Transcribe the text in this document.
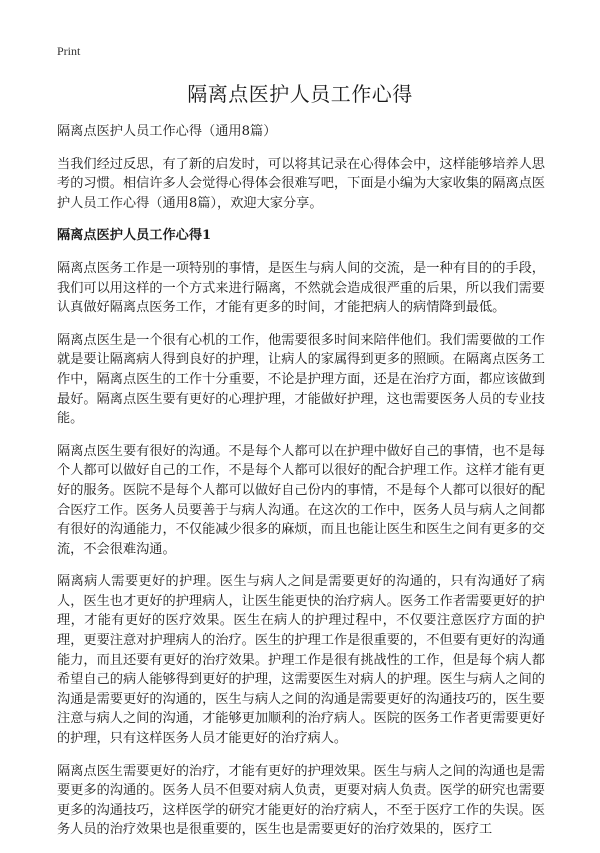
Print
隔离点医护人员工作心得

隔离点医护人员工作心得（通用8篇）

当我们经过反思，有了新的启发时，可以将其记录在心得体会中，这样能够培养人思考的习惯。相信许多人会觉得心得体会很难写吧，下面是小编为大家收集的隔离点医护人员工作心得（通用8篇），欢迎大家分享。

隔离点医护人员工作心得1

隔离点医务工作是一项特别的事情，是医生与病人间的交流，是一种有目的的手段，我们可以用这样的一个方式来进行隔离，不然就会造成很严重的后果，所以我们需要认真做好隔离点医务工作，才能有更多的时间，才能把病人的病情降到最低。

隔离点医生是一个很有心机的工作，他需要很多时间来陪伴他们。我们需要做的工作就是要让隔离病人得到良好的护理，让病人的家属得到更多的照顾。在隔离点医务工作中，隔离点医生的工作十分重要，不论是护理方面，还是在治疗方面，都应该做到最好。隔离点医生要有更好的心理护理，才能做好护理，这也需要医务人员的专业技能。

隔离点医生要有很好的沟通。不是每个人都可以在护理中做好自己的事情，也不是每个人都可以做好自己的工作，不是每个人都可以很好的配合护理工作。这样才能有更好的服务。医院不是每个人都可以做好自己份内的事情，不是每个人都可以很好的配合医疗工作。医务人员要善于与病人沟通。在这次的工作中，医务人员与病人之间都有很好的沟通能力，不仅能减少很多的麻烦，而且也能让医生和医生之间有更多的交流，不会很难沟通。

隔离病人需要更好的护理。医生与病人之间是需要更好的沟通的，只有沟通好了病人，医生也才更好的护理病人，让医生能更快的治疗病人。医务工作者需要更好的护理，才能有更好的医疗效果。医生在病人的护理过程中，不仅要注意医疗方面的护理，更要注意对护理病人的治疗。医生的护理工作是很重要的，不但要有更好的沟通能力，而且还要有更好的治疗效果。护理工作是很有挑战性的工作，但是每个病人都希望自己的病人能够得到更好的护理，这需要医生对病人的护理。医生与病人之间的沟通是需要更好的沟通的，医生与病人之间的沟通是需要更好的沟通技巧的，医生要注意与病人之间的沟通，才能够更加顺利的治疗病人。医院的医务工作者更需要更好的护理，只有这样医务人员才能更好的治疗病人。

隔离点医生需要更好的治疗，才能有更好的护理效果。医生与病人之间的沟通也是需要更多的沟通的。医务人员不但要对病人负责，更要对病人负责。医学的研究也需要更多的沟通技巧，这样医学的研究才能更好的治疗病人，不至于医疗工作的失误。医务人员的治疗效果也是很重要的，医生也是需要更好的治疗效果的，医疗工
